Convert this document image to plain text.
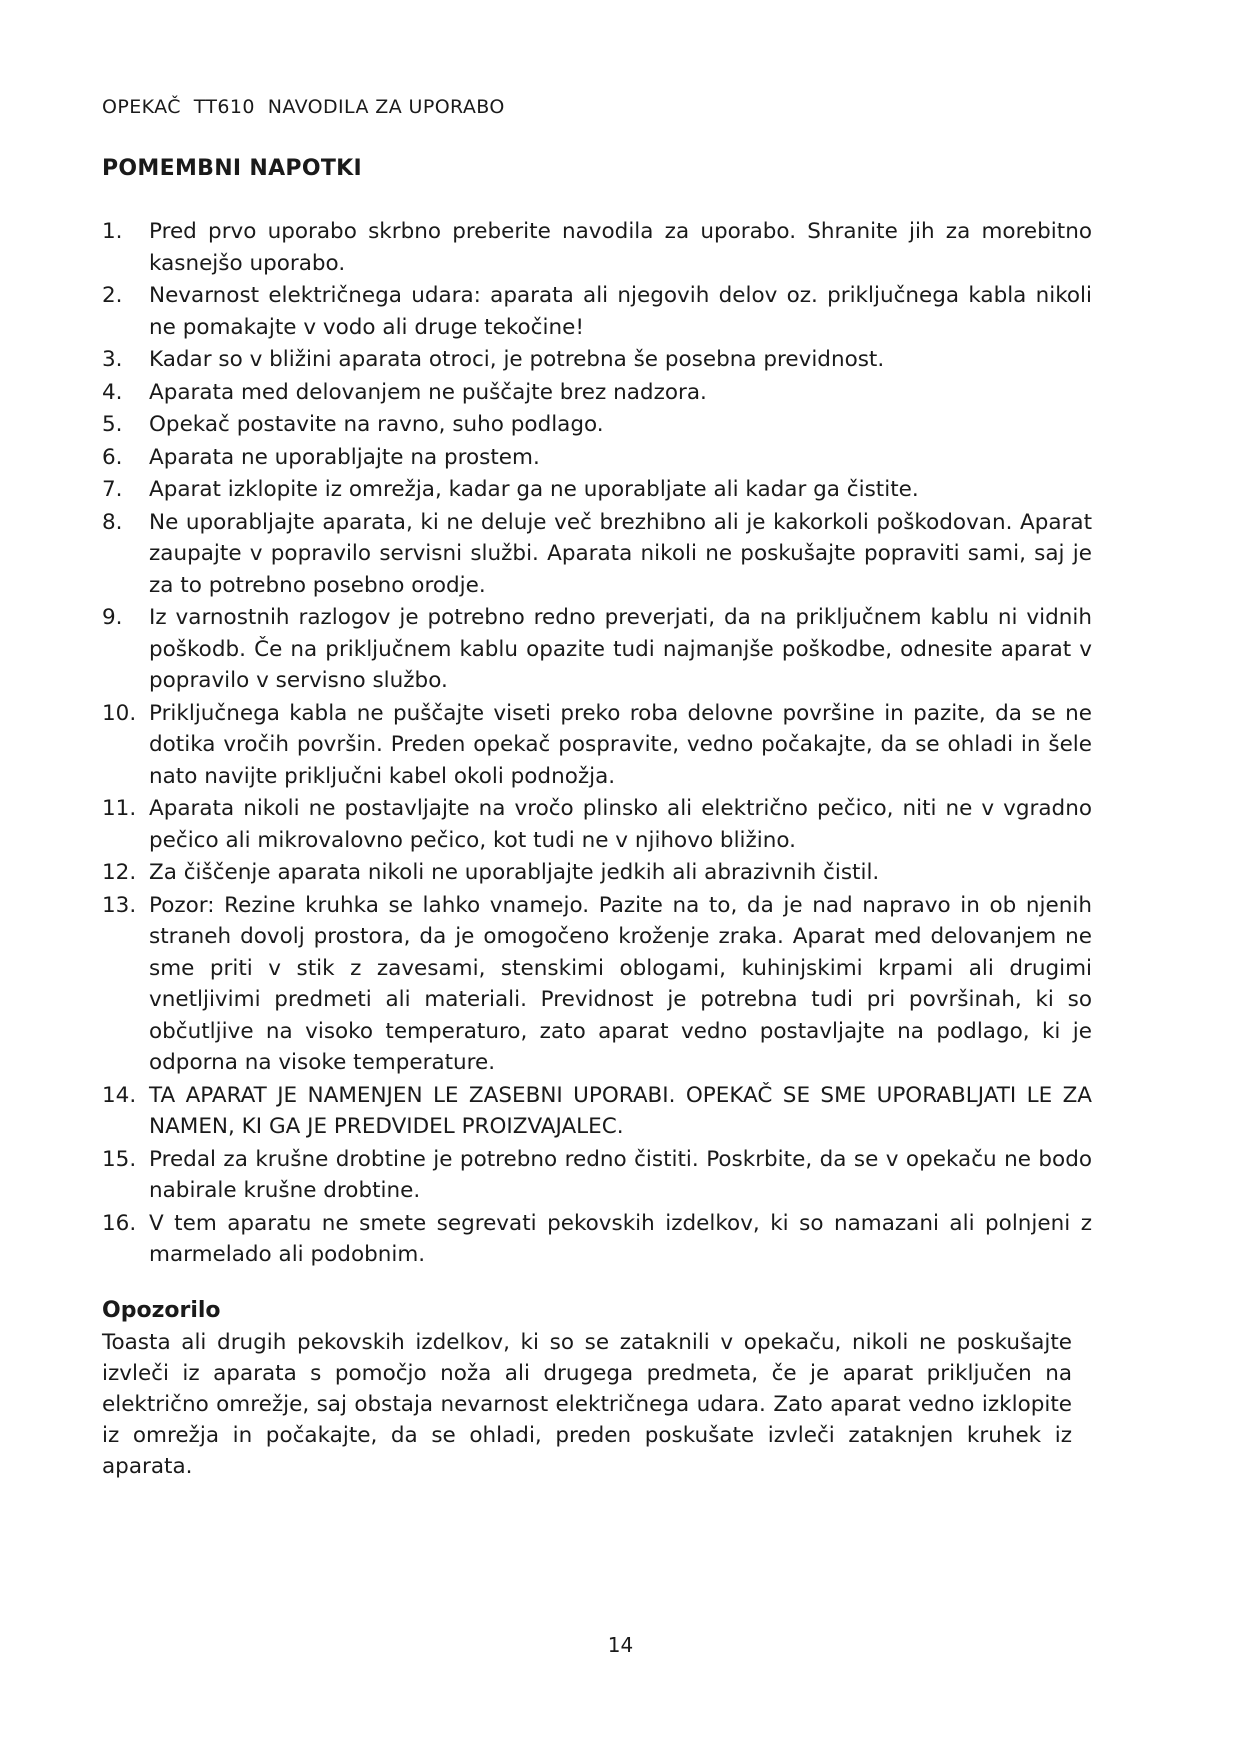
OPEKAČ  TT610  NAVODILA ZA UPORABO
POMEMBNI NAPOTKI
1.	Pred prvo uporabo skrbno preberite navodila za uporabo. Shranite jih za morebitno kasnejšo uporabo.
2.	Nevarnost električnega udara: aparata ali njegovih delov oz. priključnega kabla nikoli ne pomakajte v vodo ali druge tekočine!
3.	Kadar so v bližini aparata otroci, je potrebna še posebna previdnost.
4.	Aparata med delovanjem ne puščajte brez nadzora.
5.	Opekač postavite na ravno, suho podlago.
6.	Aparata ne uporabljajte na prostem.
7.	Aparat izklopite iz omrežja, kadar ga ne uporabljate ali kadar ga čistite.
8.	Ne uporabljajte aparata, ki ne deluje več brezhibno ali je kakorkoli poškodovan. Aparat zaupajte v popravilo servisni službi. Aparata nikoli ne poskušajte popraviti sami, saj je za to potrebno posebno orodje.
9.	Iz varnostnih razlogov je potrebno redno preverjati, da na priključnem kablu ni vidnih poškodb. Če na priključnem kablu opazite tudi najmanjše poškodbe, odnesite aparat v popravilo v servisno službo.
10. Priključnega kabla ne puščajte viseti preko roba delovne površine in pazite, da se ne dotika vročih površin. Preden opekač pospravite, vedno počakajte, da se ohladi in šele nato navijte priključni kabel okoli podnožja.
11. Aparata nikoli ne postavljajte na vročo plinsko ali električno pečico, niti ne v vgradno pečico ali mikrovalovno pečico, kot tudi ne v njihovo bližino.
12. Za čiščenje aparata nikoli ne uporabljajte jedkih ali abrazivnih čistil.
13. Pozor: Rezine kruhka se lahko vnamejo. Pazite na to, da je nad napravo in ob njenih straneh dovolj prostora, da je omogočeno kroženje zraka. Aparat med delovanjem ne sme priti v stik z zavesami, stenskimi oblogami, kuhinjskimi krpami ali drugimi vnetljivimi predmeti ali materiali. Previdnost je potrebna tudi pri površinah, ki so občutljive na visoko temperaturo, zato aparat vedno postavljajte na podlago, ki je odporna na visoke temperature.
14. TA APARAT JE NAMENJEN LE ZASEBNI UPORABI. OPEKAČ SE SME UPORABLJATI LE ZA NAMEN, KI GA JE PREDVIDEL PROIZVAJALEC.
15. Predal za krušne drobtine je potrebno redno čistiti. Poskrbite, da se v opekaču ne bodo nabirale krušne drobtine.
16. V tem aparatu ne smete segrevati pekovskih izdelkov, ki so namazani ali polnjeni z marmelado ali podobnim.
Opozorilo

Toasta ali drugih pekovskih izdelkov, ki so se zataknili v opekaču, nikoli ne poskušajte izvleči iz aparata s pomočjo noža ali drugega predmeta, če je aparat priključen na električno omrežje, saj obstaja nevarnost električnega udara. Zato aparat vedno izklopite iz omrežja in počakajte, da se ohladi, preden poskušate izvleči zataknjen kruhek iz aparata.

14
